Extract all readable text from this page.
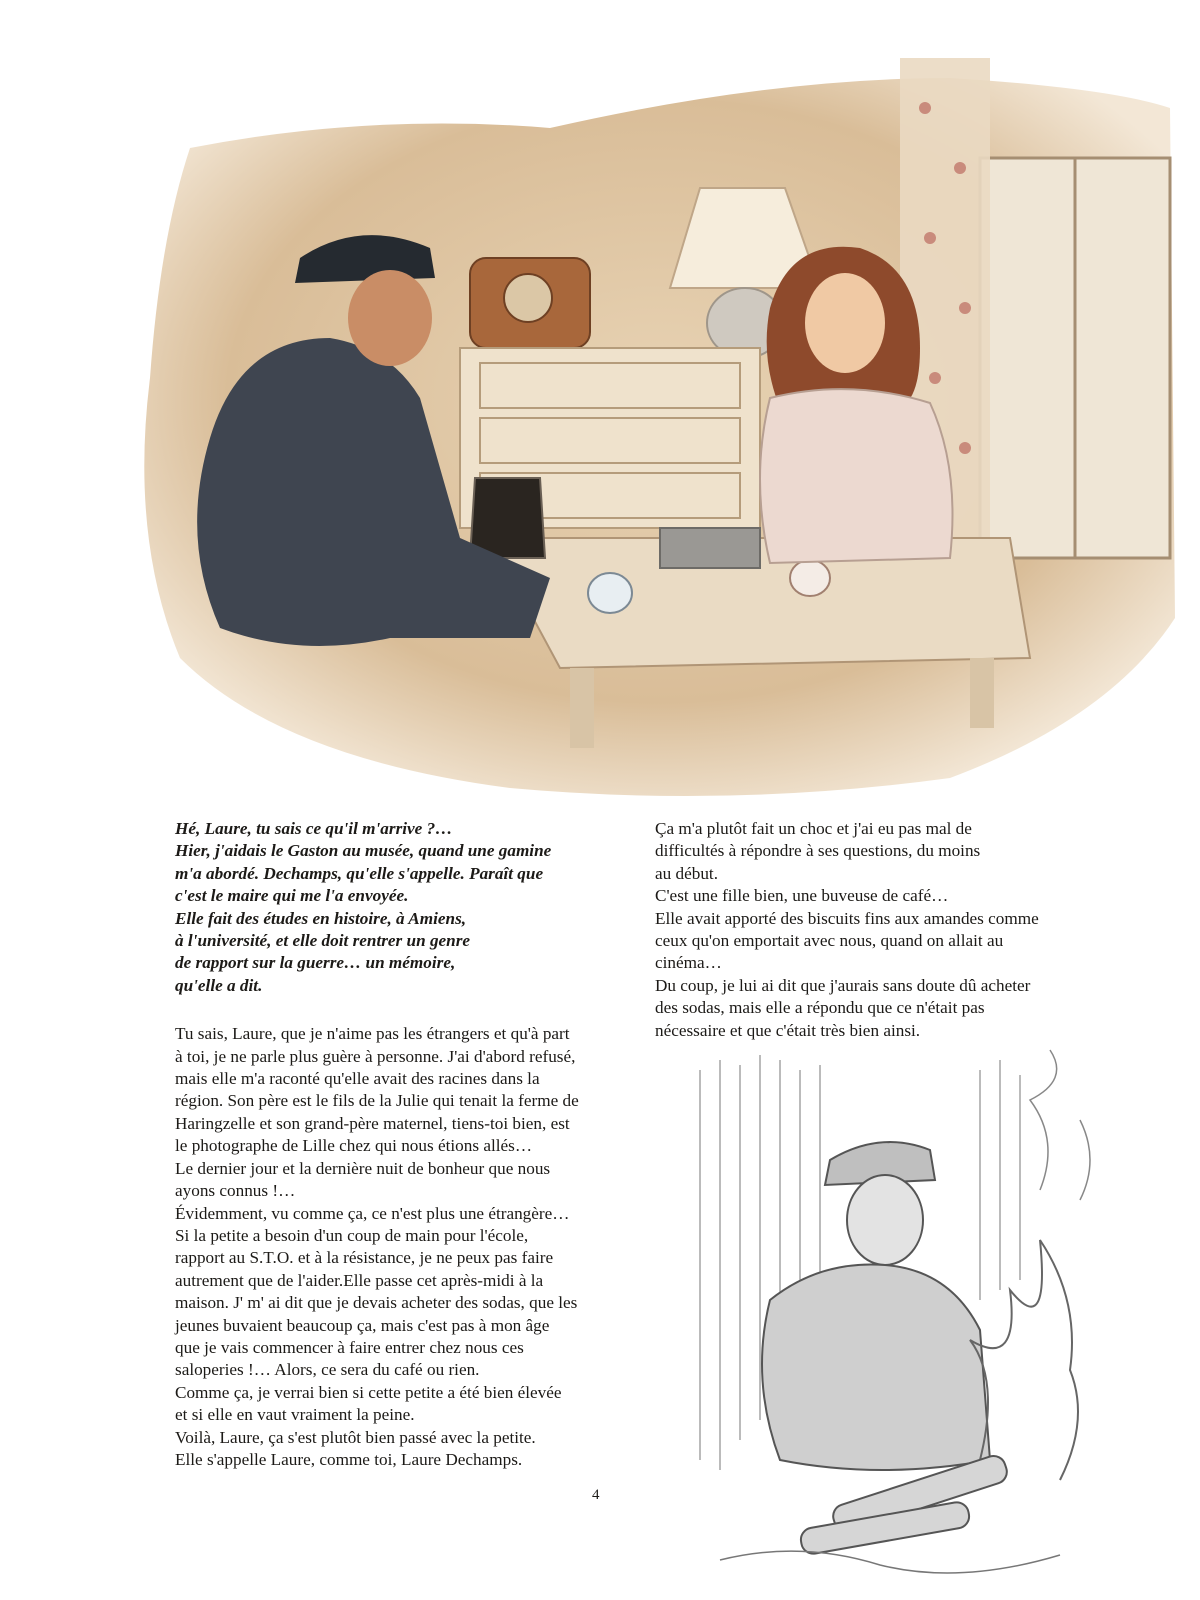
Hé, Laure, tu sais ce qu'il m'arrive ?…
Hier, j'aidais le Gaston au musée, quand une gamine
m'a abordé. Dechamps, qu'elle s'appelle. Paraît que
c'est le maire qui me l'a envoyée.
Elle fait des études en histoire, à Amiens,
à l'université, et elle doit rentrer un genre
de rapport sur la guerre… un mémoire,
qu'elle a dit.

Tu sais, Laure, que je n'aime pas les étrangers et qu'à part
à toi, je ne parle plus guère à personne. J'ai d'abord refusé,
mais elle m'a raconté qu'elle avait des racines dans la
région. Son père est le fils de la Julie qui tenait la ferme de
Haringzelle et son grand-père maternel, tiens-toi bien, est
le photographe de Lille chez qui nous étions allés…
Le dernier jour et la dernière nuit de bonheur que nous
ayons connus !…
Évidemment, vu comme ça, ce n'est plus une étrangère…
Si la petite a besoin d'un coup de main pour l'école,
rapport au S.T.O. et à la résistance, je ne peux pas faire
autrement que de l'aider.Elle passe cet après-midi à la
maison. J' m' ai dit que je devais acheter des sodas, que les
jeunes buvaient beaucoup ça, mais c'est pas à mon âge
que je vais commencer à faire entrer chez nous ces
saloperies !… Alors, ce sera du café ou rien.
Comme ça, je verrai bien si cette petite a été bien élevée
et si elle en vaut vraiment la peine.
Voilà, Laure, ça s'est plutôt bien passé avec la petite.
Elle s'appelle Laure, comme toi, Laure Dechamps.

Ça m'a plutôt fait un choc et j'ai eu pas mal de
difficultés à répondre à ses questions, du moins
au début.
C'est une fille bien, une buveuse de café…
Elle avait apporté des biscuits fins aux amandes comme
ceux qu'on emportait avec nous, quand on allait au
cinéma…
Du coup, je lui ai dit que j'aurais sans doute dû acheter
des sodas, mais elle a répondu que ce n'était pas
nécessaire et que c'était très bien ainsi.

4
